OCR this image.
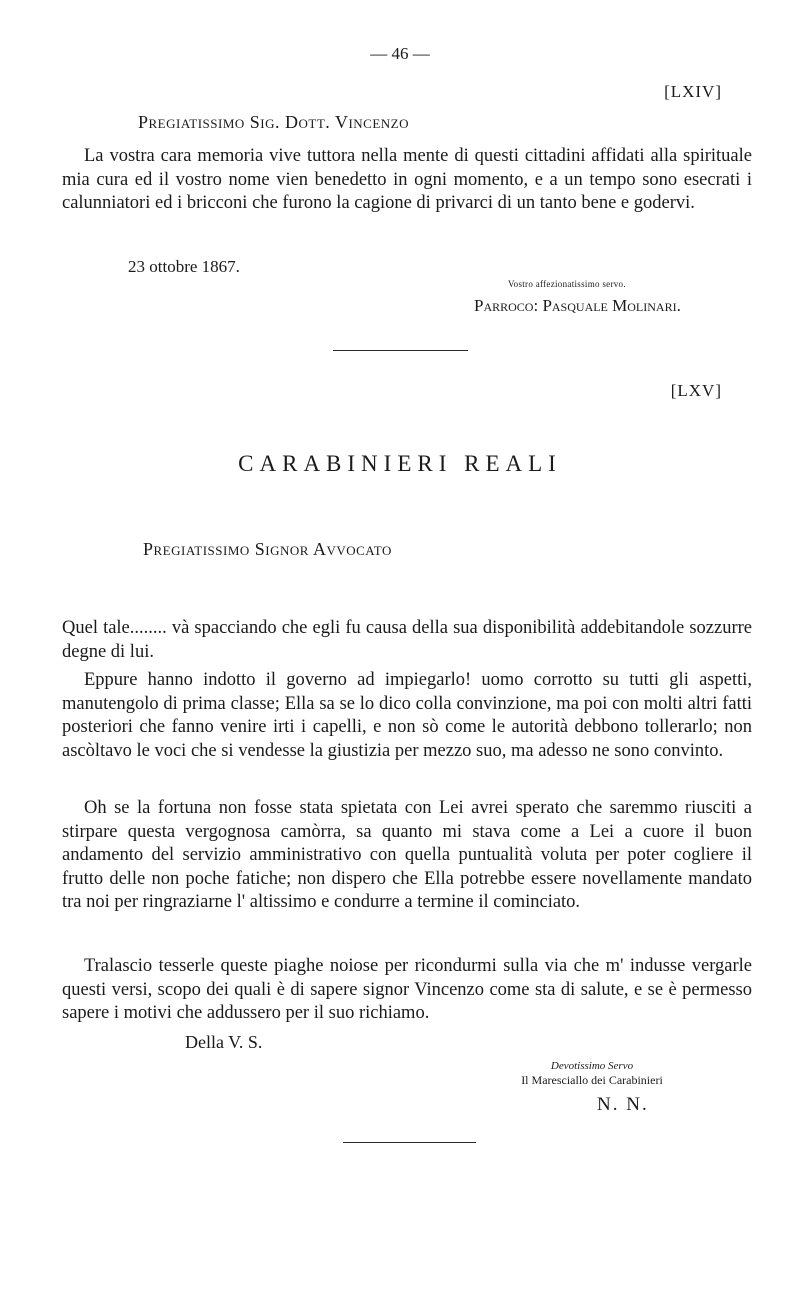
— 46 —
[LXIV]
Pregiatissimo Sig. Dott. Vincenzo
La vostra cara memoria vive tuttora nella mente di questi cittadini affidati alla spirituale mia cura ed il vostro nome vien benedetto in ogni momento, e a un tempo sono esecrati i calunniatori ed i bricconi che furono la cagione di privarci di un tanto bene e godervi.
23 ottobre 1867.
Vostro affezionatissimo servo.
Parroco: Pasquale Molinari.
[LXV]
CARABINIERI REALI
Pregiatissimo Signor Avvocato
Quel tale........ và spacciando che egli fu causa della sua disponibilità addebitandole sozzurre degne di lui.
Eppure hanno indotto il governo ad impiegarlo! uomo corrotto su tutti gli aspetti, manutengolo di prima classe; Ella sa se lo dico colla convinzione, ma poi con molti altri fatti posteriori che fanno venire irti i capelli, e non sò come le autorità debbono tollerarlo; non ascòltavo le voci che si vendesse la giustizia per mezzo suo, ma adesso ne sono convinto.
Oh se la fortuna non fosse stata spietata con Lei avrei sperato che saremmo riusciti a stirpare questa vergognosa camòrra, sa quanto mi stava come a Lei a cuore il buon andamento del servizio amministrativo con quella puntualità voluta per poter cogliere il frutto delle non poche fatiche; non dispero che Ella potrebbe essere novellamente mandato tra noi per ringraziarne l' altissimo e condurre a termine il cominciato.
Tralascio tesserle queste piaghe noiose per ricondurmi sulla via che m' indusse vergarle questi versi, scopo dei quali è di sapere signor Vincenzo come sta di salute, e se è permesso sapere i motivi che addussero per il suo richiamo.
Della V. S.
Devotissimo Servo
Il Maresciallo dei Carabinieri
N. N.
